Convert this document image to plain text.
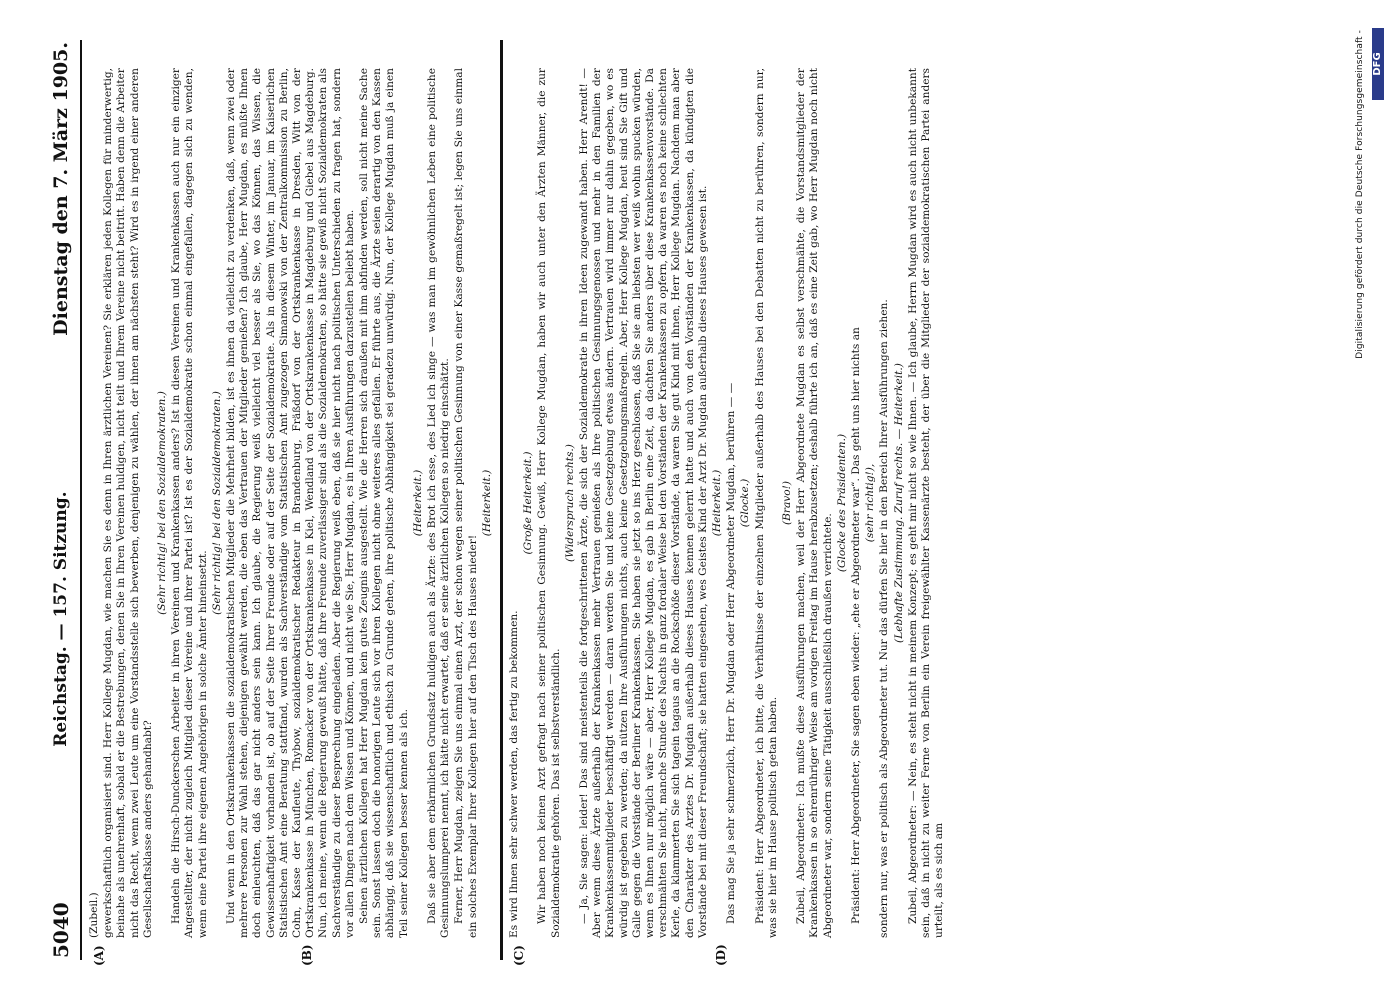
Digitalisierung gefördert durch die Deutsche Forschungsgemeinschaft - DFG
5040
Reichstag. — 157. Sitzung.
Dienstag den 7. März 1905.
(A)	(B)	(C)	(D)

(Zubeil.) gewerkschaftlich organisiert sind. Herr Kollege Mugdan, wie machen Sie es denn in Ihren ärztlichen Vereinen? Sie erklären jeden Kollegen für minderwertig, beinahe als unehrenhaft, sobald er die Bestrebungen, denen Sie in Ihren Vereinen huldigen, nicht teilt und Ihrem Vereine nicht beitritt. Haben denn die Arbeiter nicht das Recht, wenn zwei Leute um eine Vorstandsstelle sich bewerben, denjenigen zu wählen, der ihnen am nächsten steht? Wird es in irgend einer anderen Gesellschaftsklasse anders gehandhabt?

(Sehr richtig! bei den Sozialdemokraten.) Handeln die Hirsch-Dunckerschen Arbeiter in ihren Vereinen und Krankenkassen anders? Ist in diesen Vereinen und Krankenkassen auch nur ein einziger Angestellter, der nicht zugleich Mitglied dieser Vereine und ihrer Partei ist? Ist es der Sozialdemokratie schon einmal eingefallen, dagegen sich zu wenden, wenn eine Partei ihre eigenen Angehörigen in solche Ämter hineinsetzt.

(Sehr richtig! bei den Sozialdemokraten.) Und wenn in den Ortskrankenkassen die sozialdemokratischen Mitglieder die Mehrheit bilden, ist es ihnen da vielleicht zu verdenken, daß, wenn zwei oder mehrere Personen zur Wahl stehen, diejenigen gewählt werden, die eben das Vertrauen der Mitglieder genießen? Ich glaube, Herr Mugdan, es müßte Ihnen doch einleuchten, daß das gar nicht anders sein kann. Ich glaube, die Regierung weiß vielleicht viel besser als Sie, wo das Können, das Wissen, die Gewissenhaftigkeit vorhanden ist, ob auf der Seite Ihrer Freunde oder auf der Seite der Sozialdemokratie. Als in diesem Winter, im Januar, im Kaiserlichen Statistischen Amt eine Beratung stattfand, wurden als Sachverständige vom Statistischen Amt zugezogen Simanowski von der Zentralkommission zu Berlin, Cohn, Kasse der Kaufleute, Thybow, sozialdemokratischer Redakteur in Brandenburg, Fräßdorf von der Ortskrankenkasse in Dresden, Witt von der Ortskrankenkasse in München, Romacker von der Ortskrankenkasse in Kiel, Wendland von der Ortskrankenkasse in Magdeburg und Giebel aus Magdeburg. Nun, ich meine, wenn die Regierung gewußt hätte, daß Ihre Freunde zuverlässiger sind als die Sozialdemokraten, so hätte sie gewiß nicht Sozialdemokraten als Sachverständige zu dieser Besprechung eingeladen. Aber die Regierung weiß eben, daß sie hier nicht nach politischen Unterschieden zu fragen hat, sondern vor allen Dingen nach dem Wissen und Können, und nicht wie Sie, Herr Mugdan, es in Ihren Ausführungen darzustellen beliebt haben. Seinen ärztlichen Kollegen hat Herr Mugdan kein gutes Zeugnis ausgestellt. Wie die Herren sich draußen mit ihm abfinden werden, soll nicht meine Sache sein. Sonst lassen doch die honorigen Leute sich vor ihren Kollegen nicht ohne weiteres alles gefallen. Er führte aus, die Ärzte seien derartig von den Kassen abhängig, daß sie wissenschaftlich und ethisch zu Grunde gehen, ihre politische Abhängigkeit sei geradezu unwürdig. Nun, der Kollege Mugdan muß ja einen Teil seiner Kollegen besser kennen als ich.

(Heiterkeit.) Daß sie aber dem erbärmlichen Grundsatz huldigen auch als Ärzte: des Brot ich esse, des Lied ich singe — was man im gewöhnlichen Leben eine politische Gesinnungslumperei nennt, ich hätte nicht erwartet, daß er seine ärztlichen Kollegen so niedrig einschätzt. Ferner, Herr Mugdan, zeigen Sie uns einmal einen Arzt, der schon wegen seiner politischen Gesinnung von einer Kasse gemaßregelt ist; legen Sie uns einmal ein solches Exemplar Ihrer Kollegen hier auf den Tisch des Hauses nieder!

(Heiterkeit.)

Es wird Ihnen sehr schwer werden, das fertig zu bekommen.

(Große Heiterkeit.) Wir haben noch keinen Arzt gefragt nach seiner politischen Gesinnung. Gewiß, Herr Kollege Mugdan, haben wir auch unter den Ärzten Männer, die zur Sozialdemokratie gehören. Das ist selbstverständlich.

(Widerspruch rechts.) — Ja, Sie sagen: leider! Das sind meistenteils die fortgeschrittenen Ärzte, die sich der Sozialdemokratie in ihren Ideen zugewandt haben. Herr Arendt! — Aber wenn diese Ärzte außerhalb der Krankenkassen mehr Vertrauen genießen als Ihre politischen Gesinnungsgenossen und mehr in den Familien der Krankenkassenmitglieder beschäftigt werden — daran werden Sie und keine Gesetzgebung etwas ändern. Vertrauen wird immer nur dahin gegeben, wo es würdig ist gegeben zu werden; da nützen Ihre Ausführungen nichts, auch keine Gesetzgebungsmaßregeln. Aber, Herr Kollege Mugdan, heut sind Sie Gift und Galle gegen die Vorstände der Berliner Krankenkassen. Sie haben sie jetzt so ins Herz geschlossen, daß Sie sie am liebsten wer weiß wohin spucken würden, wenn es Ihnen nur möglich wäre — aber, Herr Kollege Mugdan, es gab in Berlin eine Zeit, da dachten Sie anders über diese Krankenkassenvorstände. Da verschmähten Sie nicht, manche Stunde des Nachts in ganz fordaler Weise bei den Vorständen der Krankenkassen zu opfern, da waren es noch keine schlechten Kerle, da klammerten Sie sich tagein tagaus an die Rockschöße dieser Vorstände, da waren Sie gut Kind mit ihnen, Herr Kollege Mugdan. Nachdem man aber den Charakter des Arztes Dr. Mugdan außerhalb dieses Hauses kennen gelernt hatte und auch von den Vorständen der Krankenkassen, da kündigten die Vorstände bei mit dieser Freundschaft; sie hatten eingesehen, wes Geistes Kind der Arzt Dr. Mugdan außerhalb dieses Hauses gewesen ist. (Heiterkeit.) Das mag Sie ja sehr schmerzlich, Herr Dr. Mugdan oder Herr Abgeordneter Mugdan, berühren — — (Glocke.) Präsident: Herr Abgeordneter, ich bitte, die Verhältnisse der einzelnen Mitglieder außerhalb des Hauses bei den Debatten nicht zu berühren, sondern nur, was sie hier im Hause politisch getan haben.

(Bravo!) Zubeil, Abgeordneter: Ich mußte diese Ausführungen machen, weil der Herr Abgeordnete Mugdan es selbst verschmähte, die Vorstandsmitglieder der Krankenkassen in so ehrenrühriger Weise am vorigen Freitag im Hause herabzusetzen; deshalb führte ich an, daß es eine Zeit gab, wo Herr Mugdan noch nicht Abgeordneter war, sondern seine Tätigkeit ausschließlich draußen verrichtete.

(Glocke des Präsidenten.) Präsident: Herr Abgeordneter, Sie sagen eben wieder: „ehe er Abgeordneter war“. Das geht uns hier nichts an (sehr richtig!), sondern nur, was er politisch als Abgeordneter tut. Nur das dürfen Sie hier in den Bereich Ihrer Ausführungen ziehen. (Lebhafte Zustimmung. Zuruf rechts. — Heiterkeit.) Zubeil, Abgeordneter: — Nein, es steht nicht in meinem Konzept; es geht mir nicht so wie Ihnen. — Ich glaube, Herrn Mugdan wird es auch nicht unbekannt sein, daß in nicht zu weiter Ferne von Berlin ein Verein freigewählter Kassenärzte besteht, der über die Mitglieder der sozialdemokratischen Partei anders urteilt, als es sich am
